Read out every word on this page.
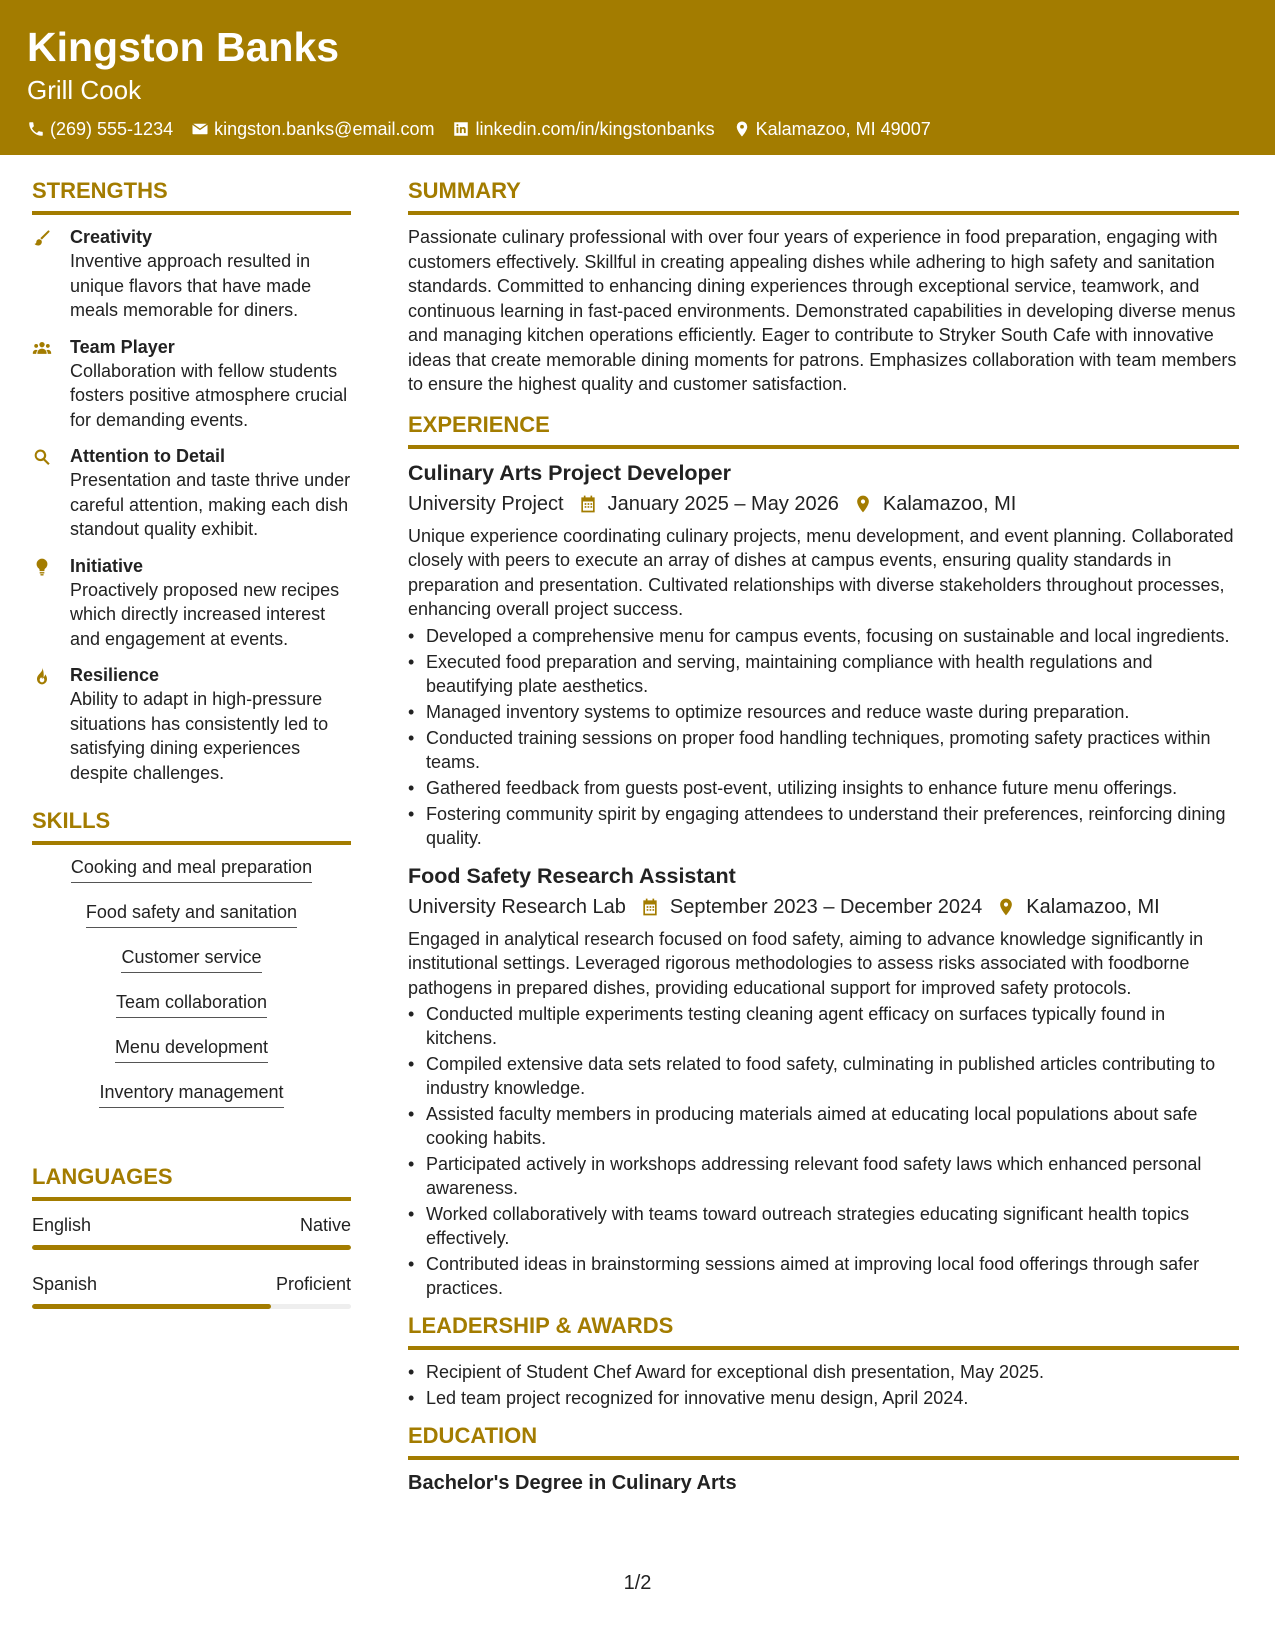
Kingston Banks
Grill Cook
(269) 555-1234 kingston.banks@email.com linkedin.com/in/kingstonbanks Kalamazoo, MI 49007
STRENGTHS
Creativity
Inventive approach resulted in unique flavors that have made meals memorable for diners.
Team Player
Collaboration with fellow students fosters positive atmosphere crucial for demanding events.
Attention to Detail
Presentation and taste thrive under careful attention, making each dish standout quality exhibit.
Initiative
Proactively proposed new recipes which directly increased interest and engagement at events.
Resilience
Ability to adapt in high-pressure situations has consistently led to satisfying dining experiences despite challenges.
SKILLS
Cooking and meal preparation
Food safety and sanitation
Customer service
Team collaboration
Menu development
Inventory management
LANGUAGES
English	Native
Spanish	Proficient
SUMMARY
Passionate culinary professional with over four years of experience in food preparation, engaging with customers effectively. Skillful in creating appealing dishes while adhering to high safety and sanitation standards. Committed to enhancing dining experiences through exceptional service, teamwork, and continuous learning in fast-paced environments. Demonstrated capabilities in developing diverse menus and managing kitchen operations efficiently. Eager to contribute to Stryker South Cafe with innovative ideas that create memorable dining moments for patrons. Emphasizes collaboration with team members to ensure the highest quality and customer satisfaction.
EXPERIENCE
Culinary Arts Project Developer
University Project January 2025 – May 2026 Kalamazoo, MI
Unique experience coordinating culinary projects, menu development, and event planning. Collaborated closely with peers to execute an array of dishes at campus events, ensuring quality standards in preparation and presentation. Cultivated relationships with diverse stakeholders throughout processes, enhancing overall project success.
• Developed a comprehensive menu for campus events, focusing on sustainable and local ingredients.
• Executed food preparation and serving, maintaining compliance with health regulations and beautifying plate aesthetics.
• Managed inventory systems to optimize resources and reduce waste during preparation.
• Conducted training sessions on proper food handling techniques, promoting safety practices within teams.
• Gathered feedback from guests post-event, utilizing insights to enhance future menu offerings.
• Fostering community spirit by engaging attendees to understand their preferences, reinforcing dining quality.
Food Safety Research Assistant
University Research Lab September 2023 – December 2024 Kalamazoo, MI
Engaged in analytical research focused on food safety, aiming to advance knowledge significantly in institutional settings. Leveraged rigorous methodologies to assess risks associated with foodborne pathogens in prepared dishes, providing educational support for improved safety protocols.
• Conducted multiple experiments testing cleaning agent efficacy on surfaces typically found in kitchens.
• Compiled extensive data sets related to food safety, culminating in published articles contributing to industry knowledge.
• Assisted faculty members in producing materials aimed at educating local populations about safe cooking habits.
• Participated actively in workshops addressing relevant food safety laws which enhanced personal awareness.
• Worked collaboratively with teams toward outreach strategies educating significant health topics effectively.
• Contributed ideas in brainstorming sessions aimed at improving local food offerings through safer practices.
LEADERSHIP & AWARDS
• Recipient of Student Chef Award for exceptional dish presentation, May 2025.
• Led team project recognized for innovative menu design, April 2024.
EDUCATION
Bachelor's Degree in Culinary Arts
1/2
